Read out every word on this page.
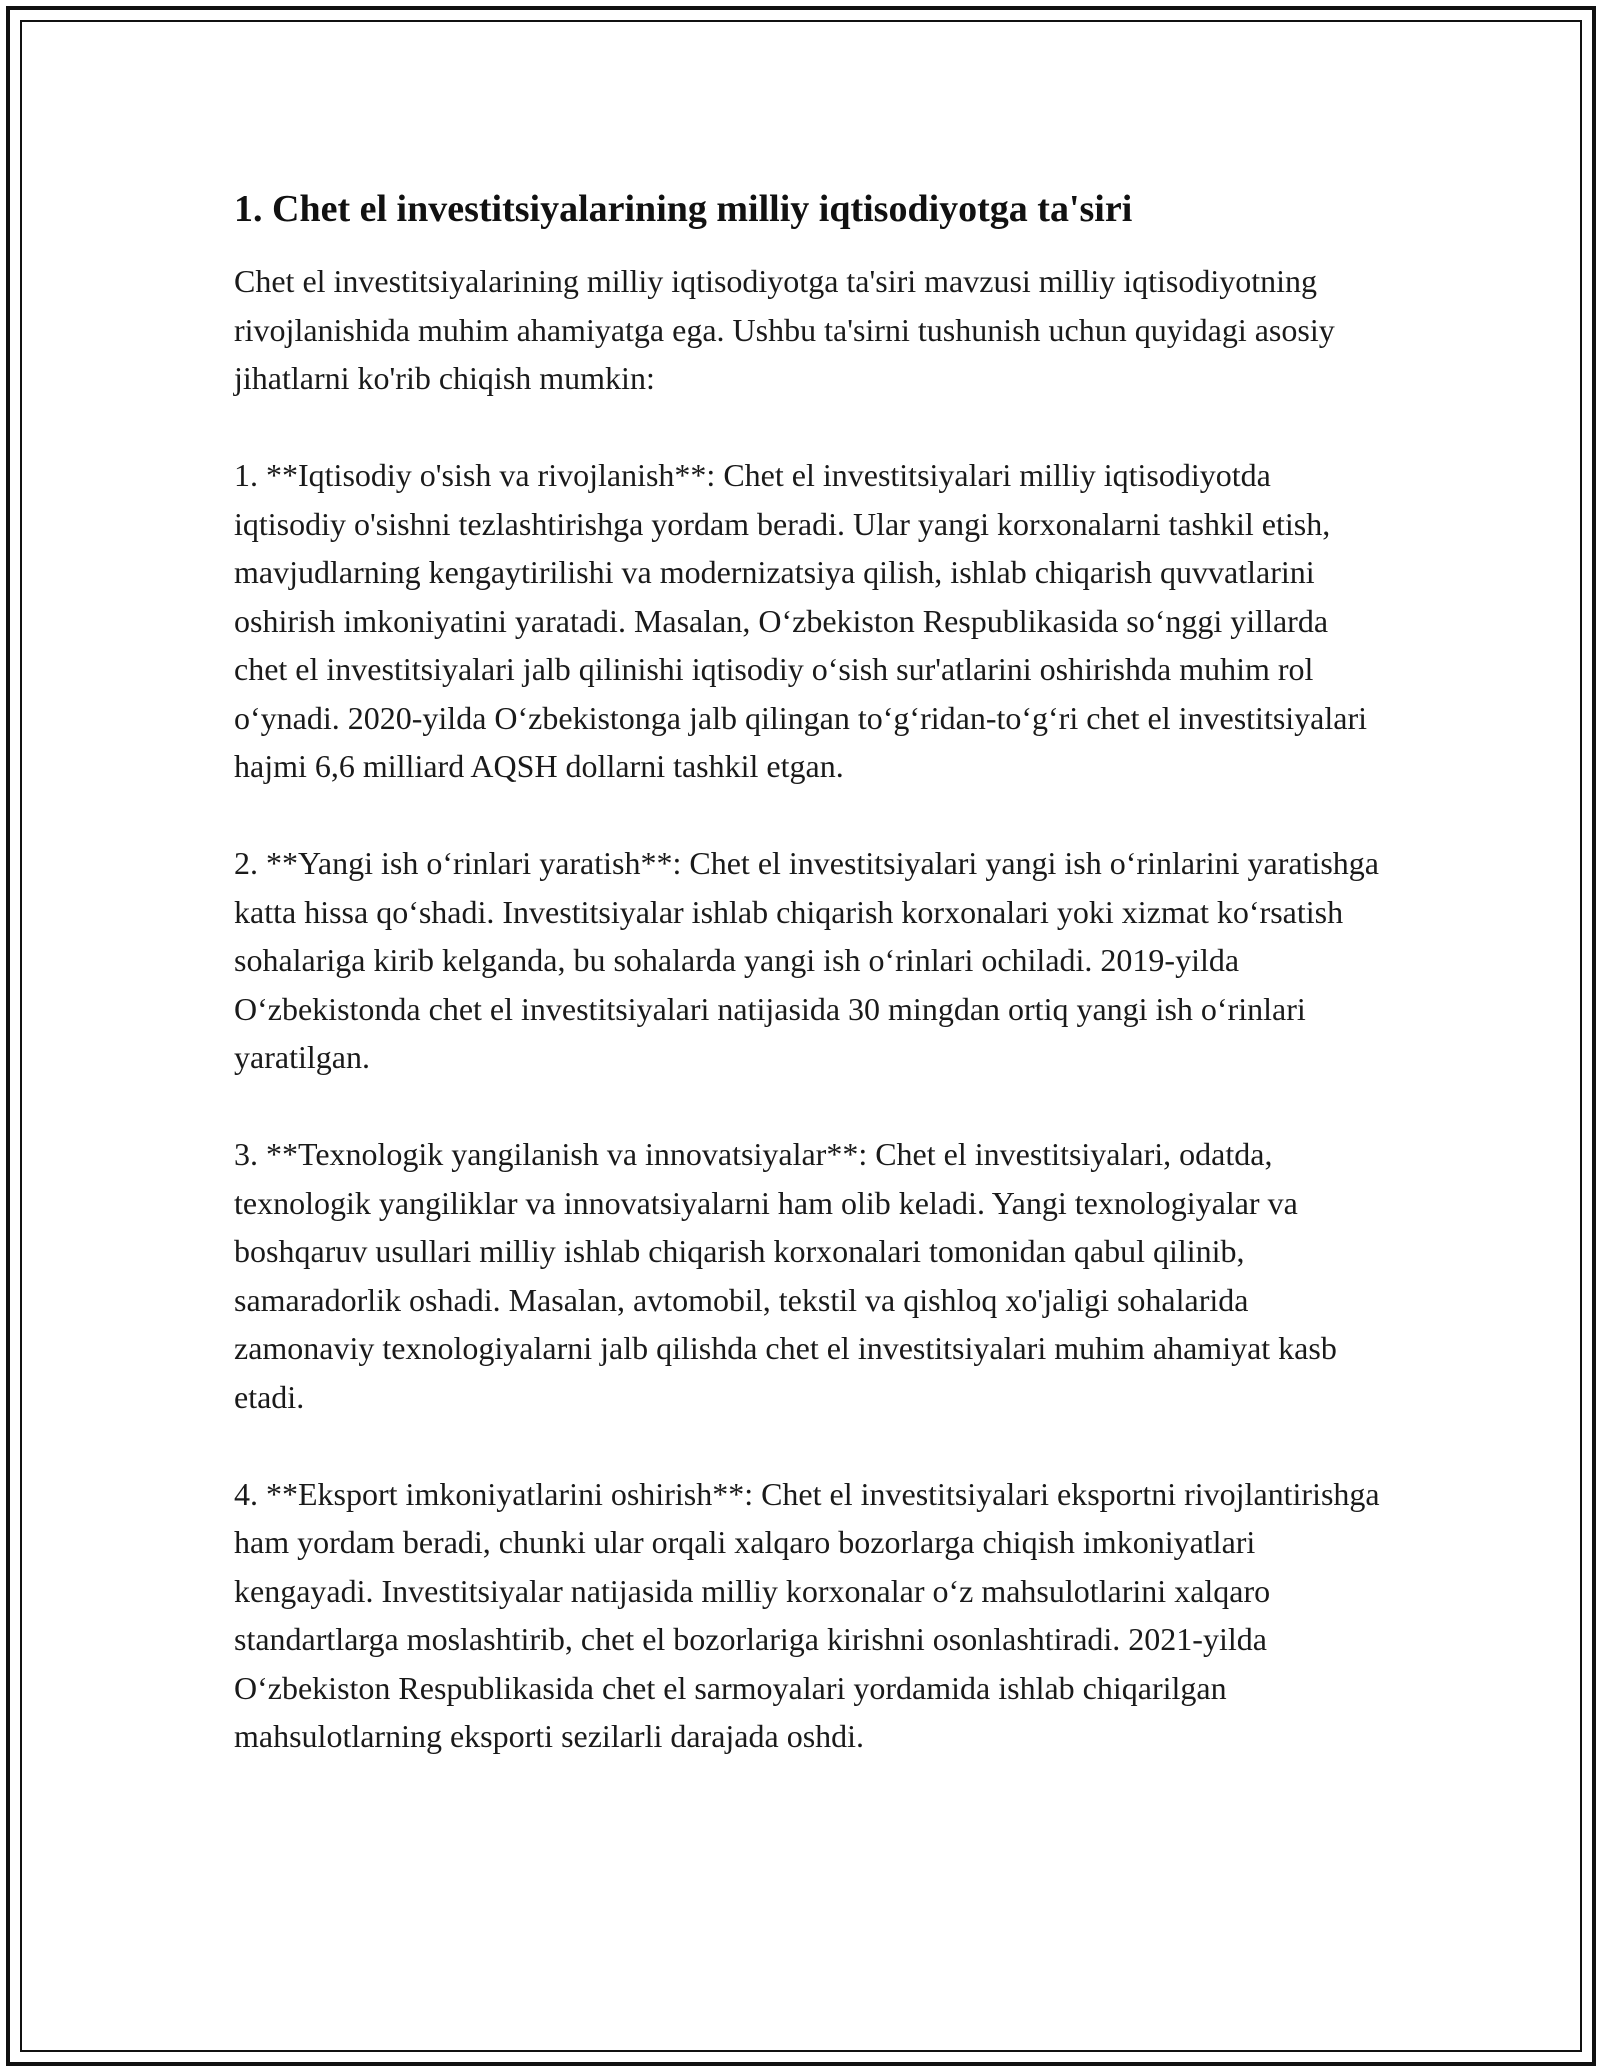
1. Chet el investitsiyalarining milliy iqtisodiyotga ta'siri

Chet el investitsiyalarining milliy iqtisodiyotga ta'siri mavzusi milliy iqtisodiyotning rivojlanishida muhim ahamiyatga ega. Ushbu ta'sirni tushunish uchun quyidagi asosiy jihatlarni ko'rib chiqish mumkin:

1. **Iqtisodiy o'sish va rivojlanish**: Chet el investitsiyalari milliy iqtisodiyotda iqtisodiy o'sishni tezlashtirishga yordam beradi. Ular yangi korxonalarni tashkil etish, mavjudlarning kengaytirilishi va modernizatsiya qilish, ishlab chiqarish quvvatlarini oshirish imkoniyatini yaratadi. Masalan, O‘zbekiston Respublikasida so‘nggi yillarda chet el investitsiyalari jalb qilinishi iqtisodiy o‘sish sur'atlarini oshirishda muhim rol o‘ynadi. 2020-yilda O‘zbekistonga jalb qilingan to‘g‘ridan-to‘g‘ri chet el investitsiyalari hajmi 6,6 milliard AQSH dollarni tashkil etgan.

2. **Yangi ish o‘rinlari yaratish**: Chet el investitsiyalari yangi ish o‘rinlarini yaratishga katta hissa qo‘shadi. Investitsiyalar ishlab chiqarish korxonalari yoki xizmat ko‘rsatish sohalariga kirib kelganda, bu sohalarda yangi ish o‘rinlari ochiladi. 2019-yilda O‘zbekistonda chet el investitsiyalari natijasida 30 mingdan ortiq yangi ish o‘rinlari yaratilgan.

3. **Texnologik yangilanish va innovatsiyalar**: Chet el investitsiyalari, odatda, texnologik yangiliklar va innovatsiyalarni ham olib keladi. Yangi texnologiyalar va boshqaruv usullari milliy ishlab chiqarish korxonalari tomonidan qabul qilinib, samaradorlik oshadi. Masalan, avtomobil, tekstil va qishloq xo'jaligi sohalarida zamonaviy texnologiyalarni jalb qilishda chet el investitsiyalari muhim ahamiyat kasb etadi.

4. **Eksport imkoniyatlarini oshirish**: Chet el investitsiyalari eksportni rivojlantirishga ham yordam beradi, chunki ular orqali xalqaro bozorlarga chiqish imkoniyatlari kengayadi. Investitsiyalar natijasida milliy korxonalar o‘z mahsulotlarini xalqaro standartlarga moslashtirib, chet el bozorlariga kirishni osonlashtiradi. 2021-yilda O‘zbekiston Respublikasida chet el sarmoyalari yordamida ishlab chiqarilgan mahsulotlarning eksporti sezilarli darajada oshdi.
